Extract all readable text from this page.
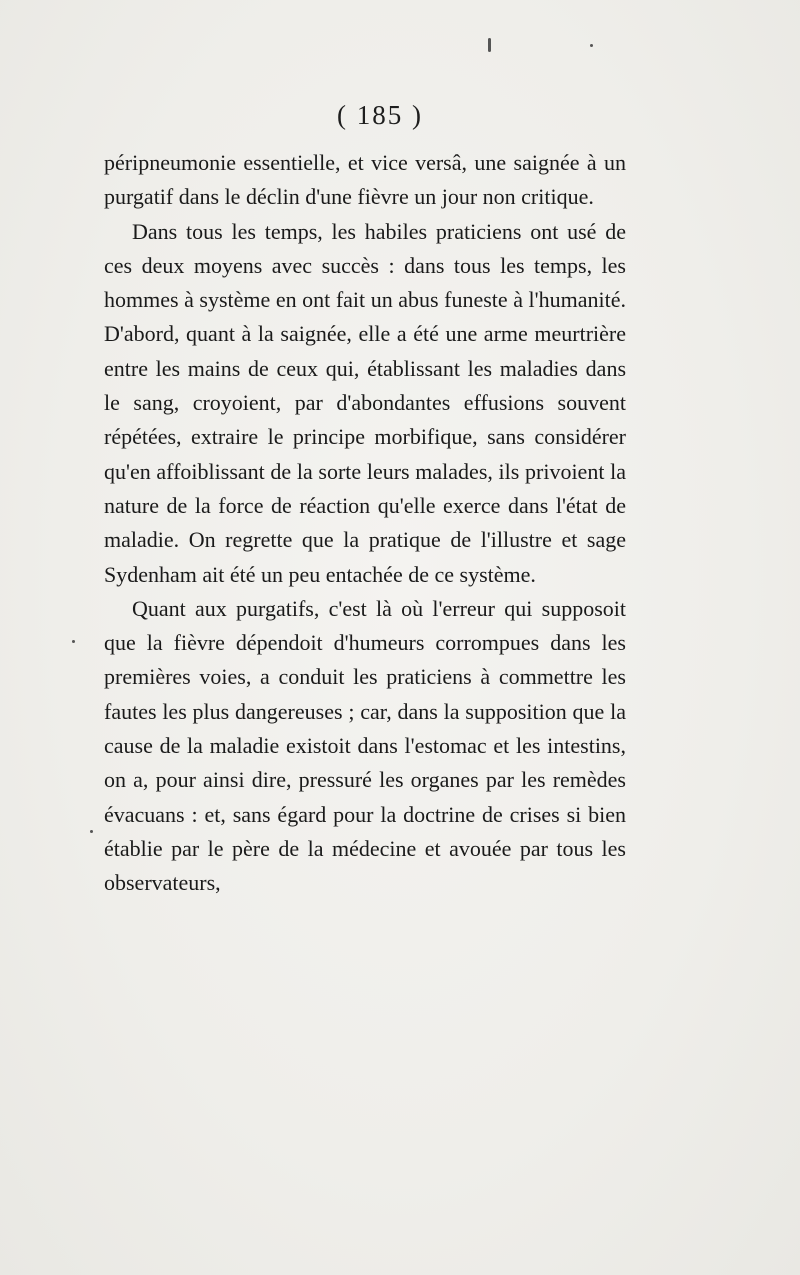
( 185 )

péripneumonie essentielle, et vice versâ, une saignée à un purgatif dans le déclin d'une fièvre un jour non critique.

Dans tous les temps, les habiles praticiens ont usé de ces deux moyens avec succès : dans tous les temps, les hommes à système en ont fait un abus funeste à l'humanité. D'abord, quant à la saignée, elle a été une arme meurtrière entre les mains de ceux qui, établissant les maladies dans le sang, croyoient, par d'abondantes effusions souvent répétées, extraire le principe morbifique, sans considérer qu'en affoiblissant de la sorte leurs malades, ils privoient la nature de la force de réaction qu'elle exerce dans l'état de maladie. On regrette que la pratique de l'illustre et sage Sydenham ait été un peu entachée de ce système.

Quant aux purgatifs, c'est là où l'erreur qui supposoit que la fièvre dépendoit d'humeurs corrompues dans les premières voies, a conduit les praticiens à commettre les fautes les plus dangereuses ; car, dans la supposition que la cause de la maladie existoit dans l'estomac et les intestins, on a, pour ainsi dire, pressuré les organes par les remèdes évacuans : et, sans égard pour la doctrine de crises si bien établie par le père de la médecine et avouée par tous les observateurs,
